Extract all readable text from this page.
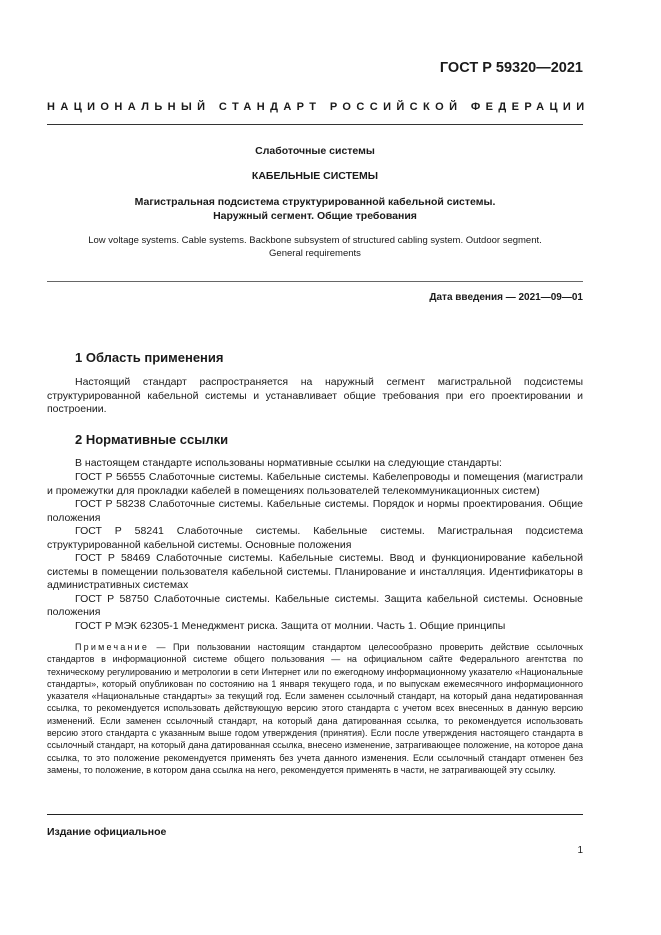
ГОСТ Р 59320—2021
НАЦИОНАЛЬНЫЙ СТАНДАРТ РОССИЙСКОЙ ФЕДЕРАЦИИ
Слаботочные системы
КАБЕЛЬНЫЕ СИСТЕМЫ
Магистральная подсистема структурированной кабельной системы.
Наружный сегмент. Общие требования
Low voltage systems. Cable systems. Backbone subsystem of structured cabling system. Outdoor segment.
General requirements
Дата введения — 2021—09—01
1 Область применения
Настоящий стандарт распространяется на наружный сегмент магистральной подсистемы структурированной кабельной системы и устанавливает общие требования при его проектировании и построении.
2 Нормативные ссылки
В настоящем стандарте использованы нормативные ссылки на следующие стандарты:

ГОСТ Р 56555 Слаботочные системы. Кабельные системы. Кабелепроводы и помещения (магистрали и промежутки для прокладки кабелей в помещениях пользователей телекоммуникационных систем)

ГОСТ Р 58238 Слаботочные системы. Кабельные системы. Порядок и нормы проектирования. Общие положения

ГОСТ Р 58241 Слаботочные системы. Кабельные системы. Магистральная подсистема структурированной кабельной системы. Основные положения

ГОСТ Р 58469 Слаботочные системы. Кабельные системы. Ввод и функционирование кабельной системы в помещении пользователя кабельной системы. Планирование и инсталляция. Идентификаторы в административных системах

ГОСТ Р 58750 Слаботочные системы. Кабельные системы. Защита кабельной системы. Основные положения

ГОСТ Р МЭК 62305-1 Менеджмент риска. Защита от молнии. Часть 1. Общие принципы

Примечание — При пользовании настоящим стандартом целесообразно проверить действие ссылочных стандартов в информационной системе общего пользования — на официальном сайте Федерального агентства по техническому регулированию и метрологии в сети Интернет или по ежегодному информационному указателю «Национальные стандарты», который опубликован по состоянию на 1 января текущего года, и по выпускам ежемесячного информационного указателя «Национальные стандарты» за текущий год. Если заменен ссылочный стандарт, на который дана недатированная ссылка, то рекомендуется использовать действующую версию этого стандарта с учетом всех внесенных в данную версию изменений. Если заменен ссылочный стандарт, на который дана датированная ссылка, то рекомендуется использовать версию этого стандарта с указанным выше годом утверждения (принятия). Если после утверждения настоящего стандарта в ссылочный стандарт, на который дана датированная ссылка, внесено изменение, затрагивающее положение, на которое дана ссылка, то это положение рекомендуется применять без учета данного изменения. Если ссылочный стандарт отменен без замены, то положение, в котором дана ссылка на него, рекомендуется применять в части, не затрагивающей эту ссылку.
Издание официальное
1
